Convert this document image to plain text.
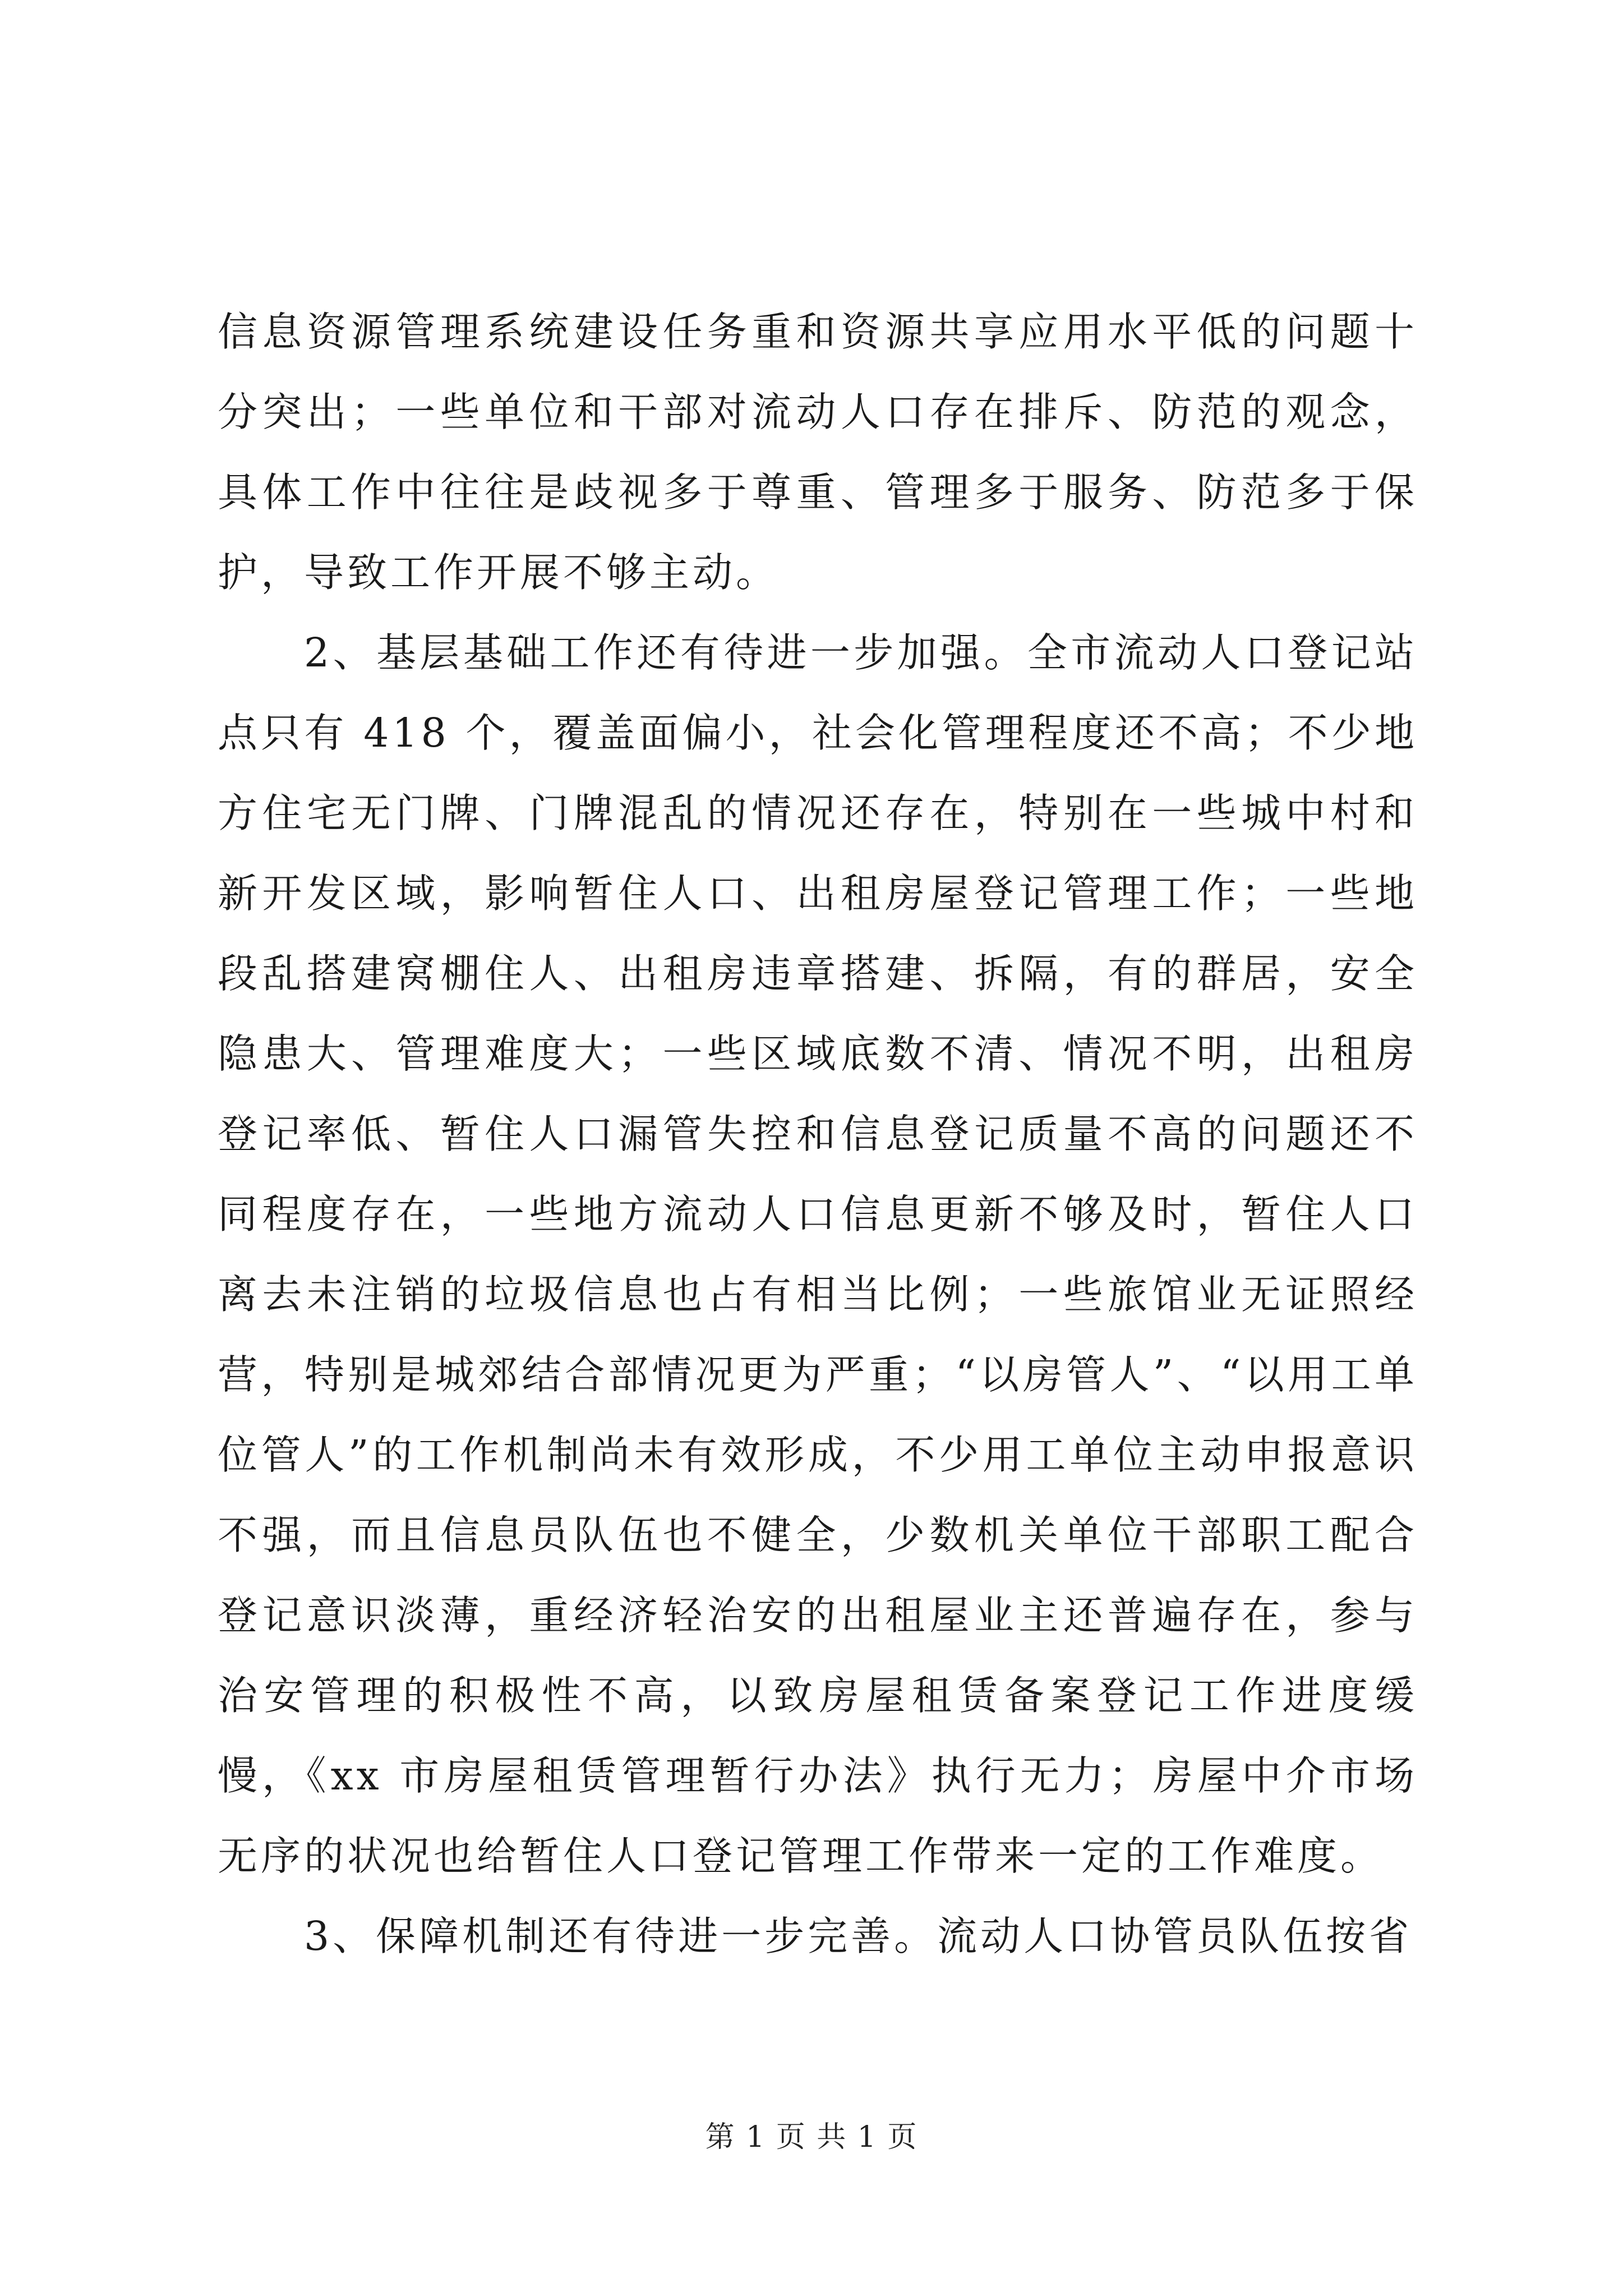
信息资源管理系统建设任务重和资源共享应用水平低的问题十分突出；一些单位和干部对流动人口存在排斥、防范的观念，具体工作中往往是歧视多于尊重、管理多于服务、防范多于保护，导致工作开展不够主动。

2、基层基础工作还有待进一步加强。全市流动人口登记站点只有 418 个，覆盖面偏小，社会化管理程度还不高；不少地方住宅无门牌、门牌混乱的情况还存在，特别在一些城中村和新开发区域，影响暂住人口、出租房屋登记管理工作；一些地段乱搭建窝棚住人、出租房违章搭建、拆隔，有的群居，安全隐患大、管理难度大；一些区域底数不清、情况不明，出租房登记率低、暂住人口漏管失控和信息登记质量不高的问题还不同程度存在，一些地方流动人口信息更新不够及时，暂住人口离去未注销的垃圾信息也占有相当比例；一些旅馆业无证照经营，特别是城郊结合部情况更为严重；“以房管人”、“以用工单位管人”的工作机制尚未有效形成，不少用工单位主动申报意识不强，而且信息员队伍也不健全，少数机关单位干部职工配合登记意识淡薄，重经济轻治安的出租屋业主还普遍存在，参与治安管理的积极性不高，以致房屋租赁备案登记工作进度缓慢，《xx 市房屋租赁管理暂行办法》执行无力；房屋中介市场无序的状况也给暂住人口登记管理工作带来一定的工作难度。

3、保障机制还有待进一步完善。流动人口协管员队伍按省

第 1 页 共 1 页
